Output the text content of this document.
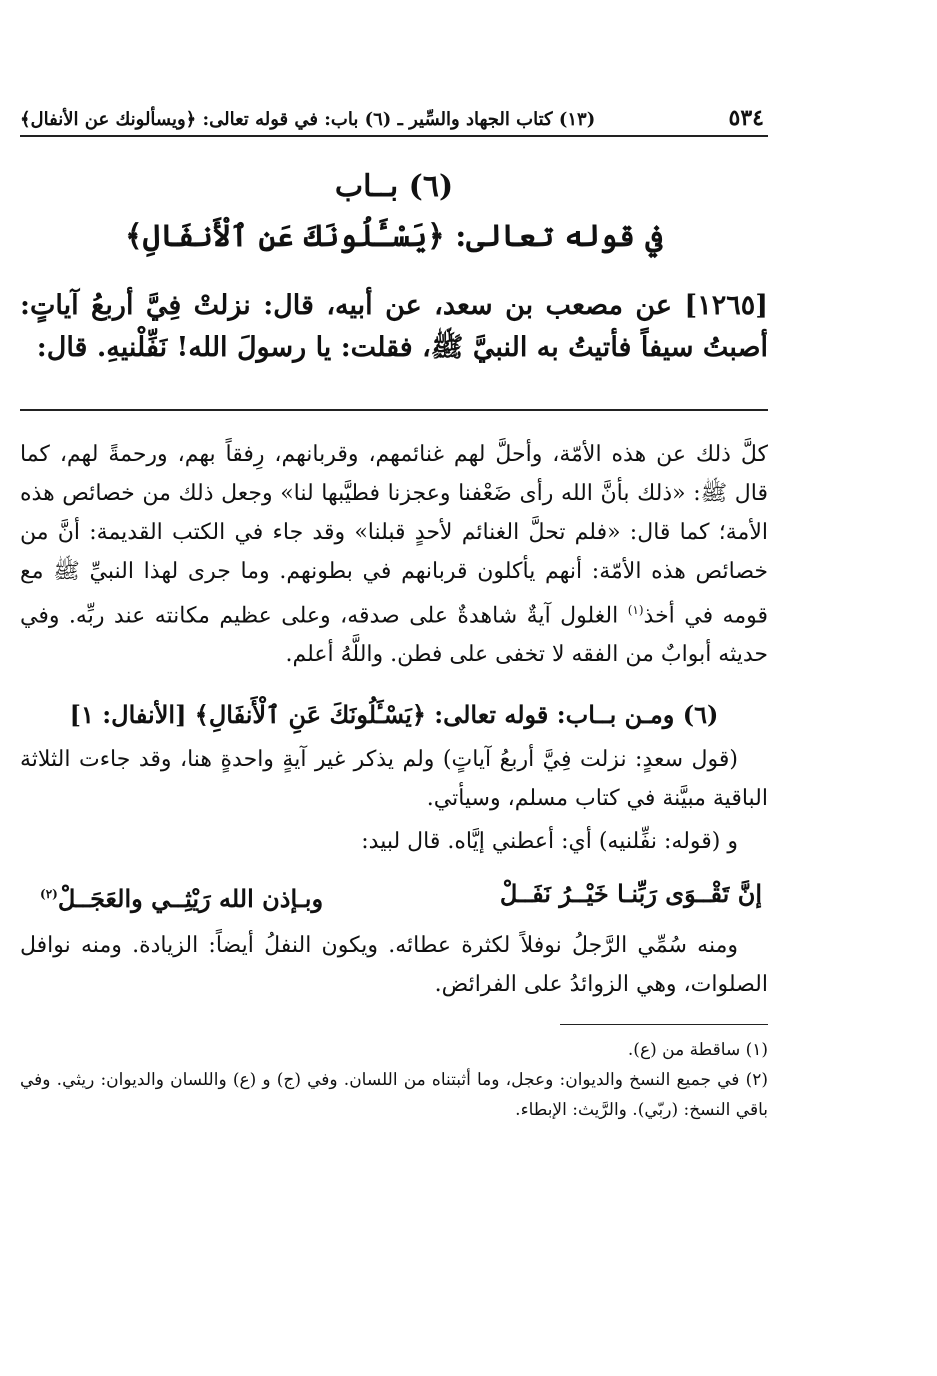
٥٣٤
(١٣) كتاب الجهاد والسِّير ـ (٦) باب: في قوله تعالى: ﴿ويسألونك عن الأنفال﴾
(٦) بــاب
في قوله تعالى: ﴿يَسْـَٔلُونَكَ عَنِ ٱلْأَنفَالِ﴾
[١٢٦٥] عن مصعب بن سعد، عن أبيه، قال: نزلتْ فِيَّ أربعُ آياتٍ: أصبتُ سيفاً فأتيتُ به النبيَّ ﷺ، فقلت: يا رسولَ الله! نَفِّلْنيهِ. قال:
كلَّ ذلك عن هذه الأمّة، وأحلَّ لهم غنائمهم، وقربانهم، رِفقاً بهم، ورحمةً لهم، كما قال ﷺ: «ذلك بأنَّ الله رأى ضَعْفنا وعجزنا فطيَّبها لنا» وجعل ذلك من خصائص هذه الأمة؛ كما قال: «فلم تحلَّ الغنائم لأحدٍ قبلنا» وقد جاء في الكتب القديمة: أنَّ من خصائص هذه الأمّة: أنهم يأكلون قربانهم في بطونهم. وما جرى لهذا النبيِّ ﷺ مع قومه في أخذ$^{(١)}$ الغلول آيةٌ شاهدةٌ على صدقه، وعلى عظيم مكانته عند ربِّه. وفي حديثه أبوابٌ من الفقه لا تخفى على فطن. واللَّهُ أعلم.
(٦) ومـن بــاب: قوله تعالى: ﴿يَسْـَٔلُونَكَ عَنِ ٱلْأَنفَالِ﴾ [الأنفال: ١]
(قول سعدٍ: نزلت فِيَّ أربعُ آياتٍ) ولم يذكر غير آيةٍ واحدةٍ هنا، وقد جاءت الثلاثة الباقية مبيَّنة في كتاب مسلم، وسيأتي.
و (قوله: نفِّلنيه) أي: أعطني إيَّاه. قال لبيد:
إنَّ تَقْــوَى رَبِّنـا خَيْــرُ نَفَــلْ
وبـإذن الله رَيْثِــي والعَجَــلْ$^{(٢)}$
ومنه سُمِّي الرَّجلُ نوفلاً لكثرة عطائه. ويكون النفلُ أيضاً: الزيادة. ومنه نوافل الصلوات، وهي الزوائدُ على الفرائض.
(١) ساقطة من (ع).
(٢) في جميع النسخ والديوان: وعجل، وما أثبتناه من اللسان. وفي (ج) و (ع) واللسان والديوان: ريثي. وفي باقي النسخ: (ربّي). والرَّيث: الإبطاء.
